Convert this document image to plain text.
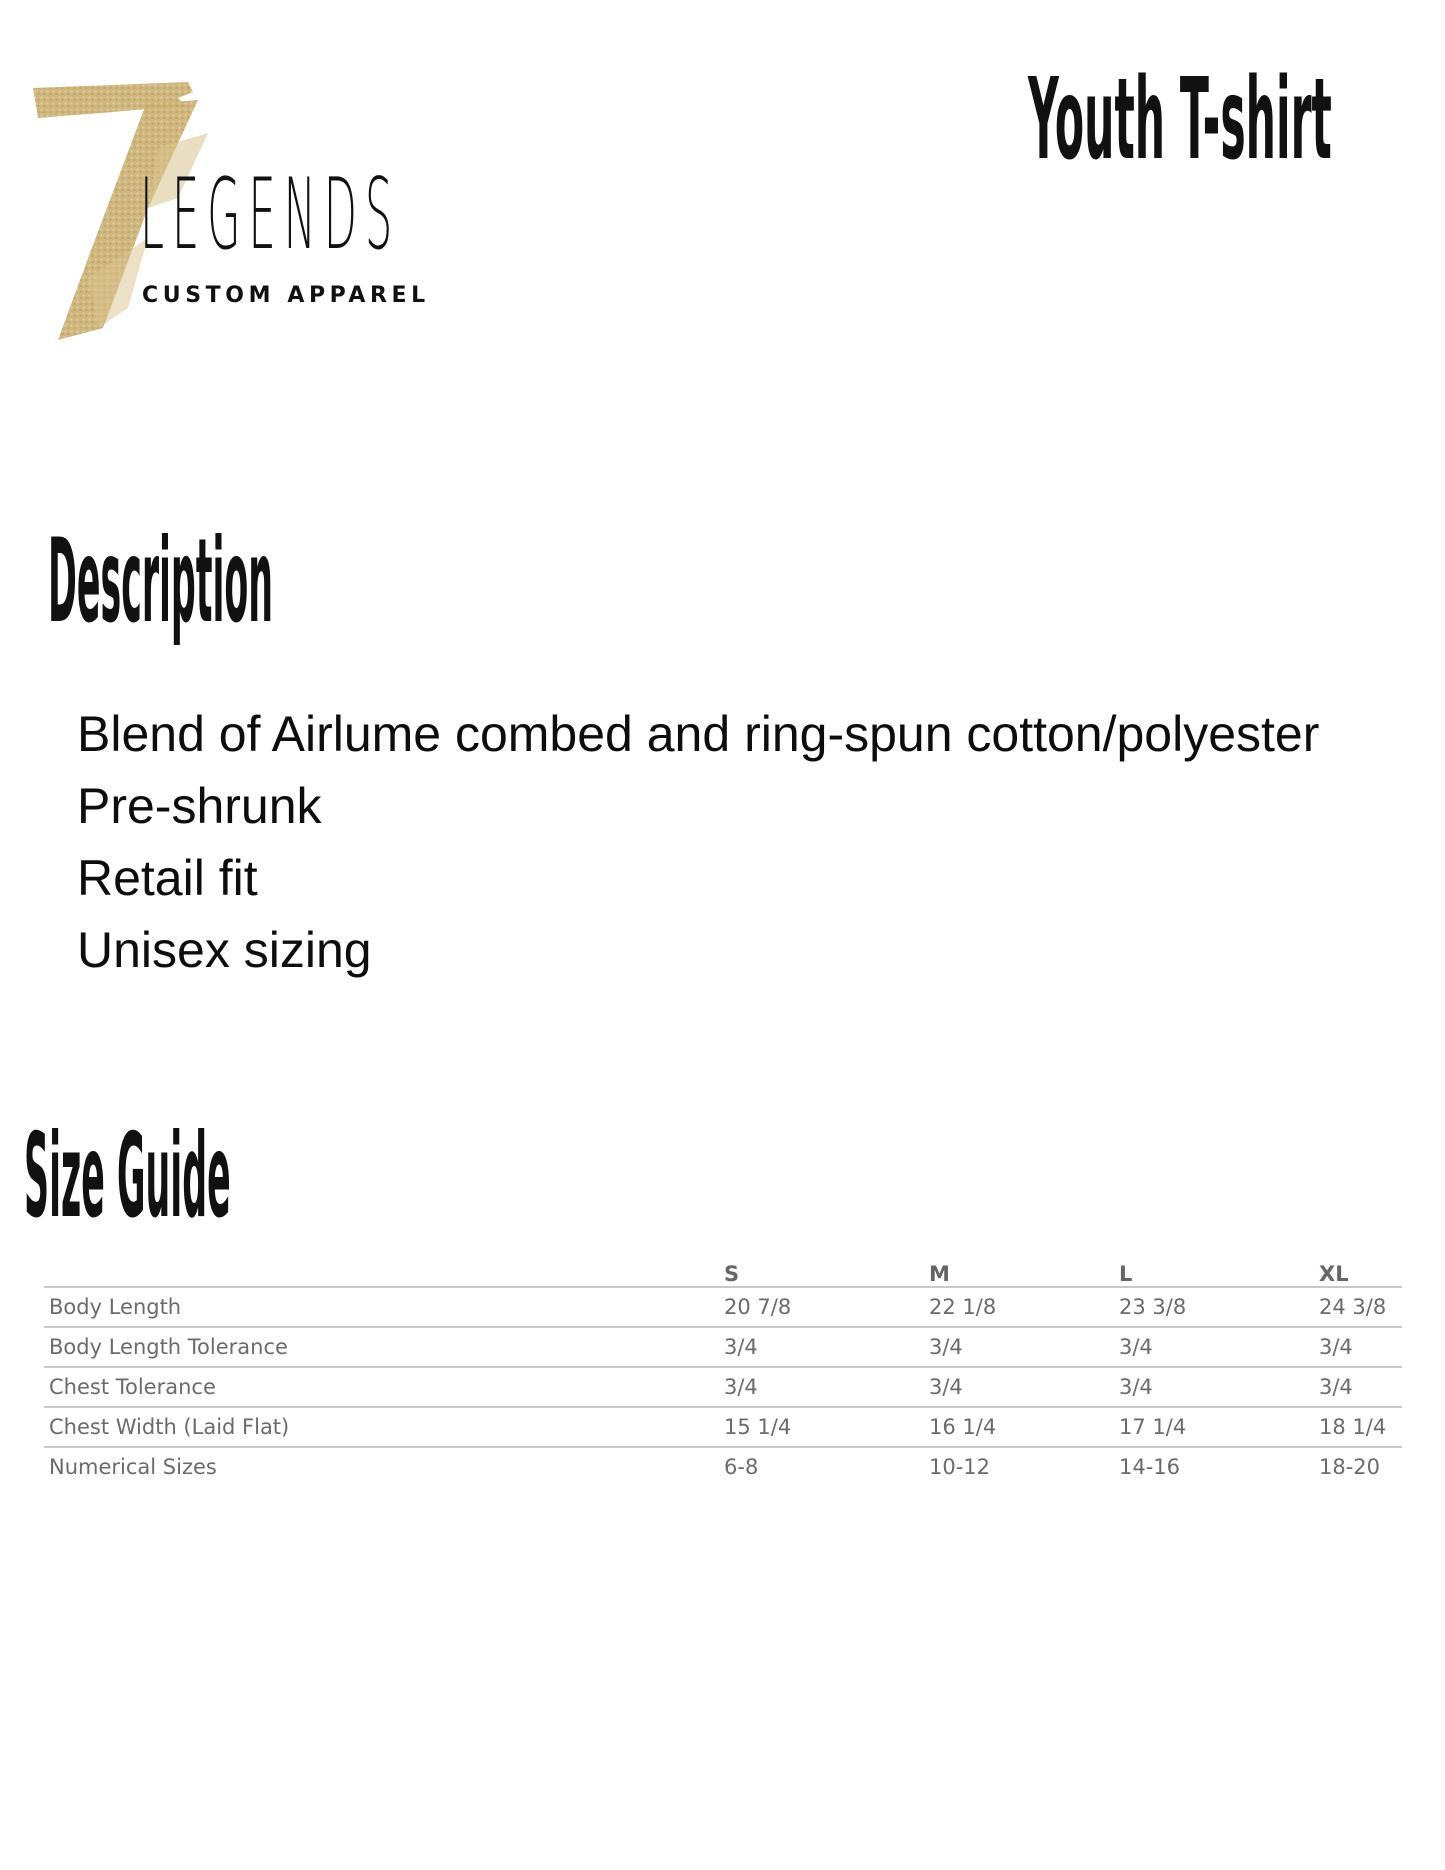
LEGENDS
CUSTOM APPAREL
Youth T-shirt
Description
Blend of Airlume combed and ring-spun cotton/polyester
Pre-shrunk
Retail fit
Unisex sizing
Size Guide
	S	M	L	XL
Body Length	20 7/8	22 1/8	23 3/8	24 3/8
Body Length Tolerance	3/4	3/4	3/4	3/4
Chest Tolerance	3/4	3/4	3/4	3/4
Chest Width (Laid Flat)	15 1/4	16 1/4	17 1/4	18 1/4
Numerical Sizes	6-8	10-12	14-16	18-20
